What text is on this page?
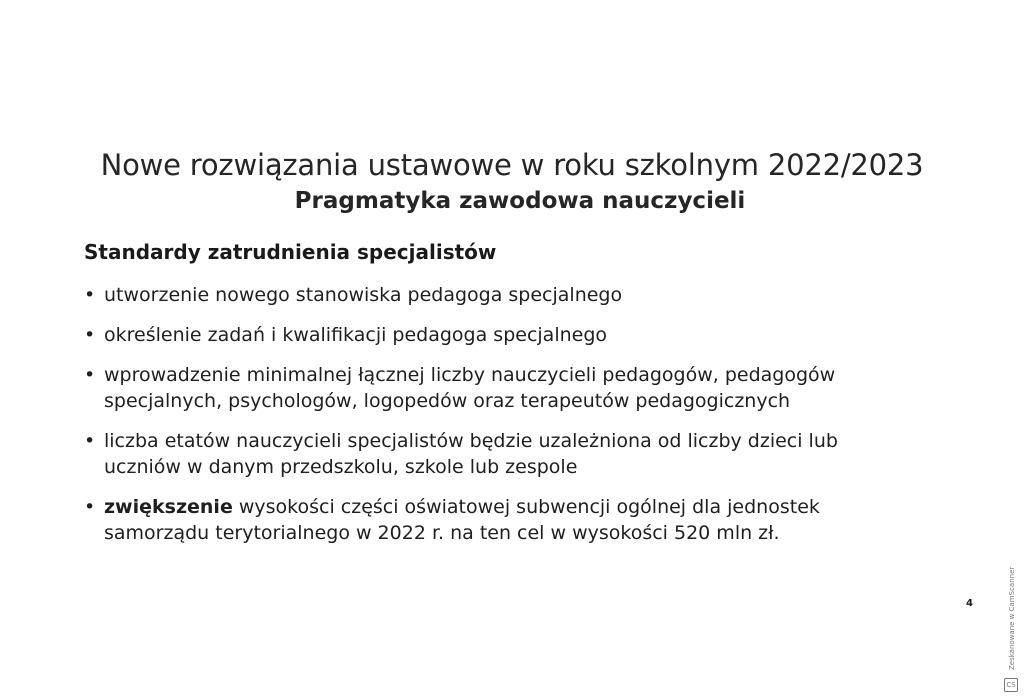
Nowe rozwiązania ustawowe w roku szkolnym 2022/2023
Pragmatyka zawodowa nauczycieli
Standardy zatrudnienia specjalistów
• utworzenie nowego stanowiska pedagoga specjalnego
• określenie zadań i kwalifikacji pedagoga specjalnego
• wprowadzenie minimalnej łącznej liczby nauczycieli pedagogów, pedagogów specjalnych, psychologów, logopedów oraz terapeutów pedagogicznych
• liczba etatów nauczycieli specjalistów będzie uzależniona od liczby dzieci lub uczniów w danym przedszkolu, szkole lub zespole
• zwiększenie wysokości części oświatowej subwencji ogólnej dla jednostek samorządu terytorialnego w 2022 r. na ten cel w wysokości 520 mln zł.
4	Zeskanowane w CamScanner
CS
